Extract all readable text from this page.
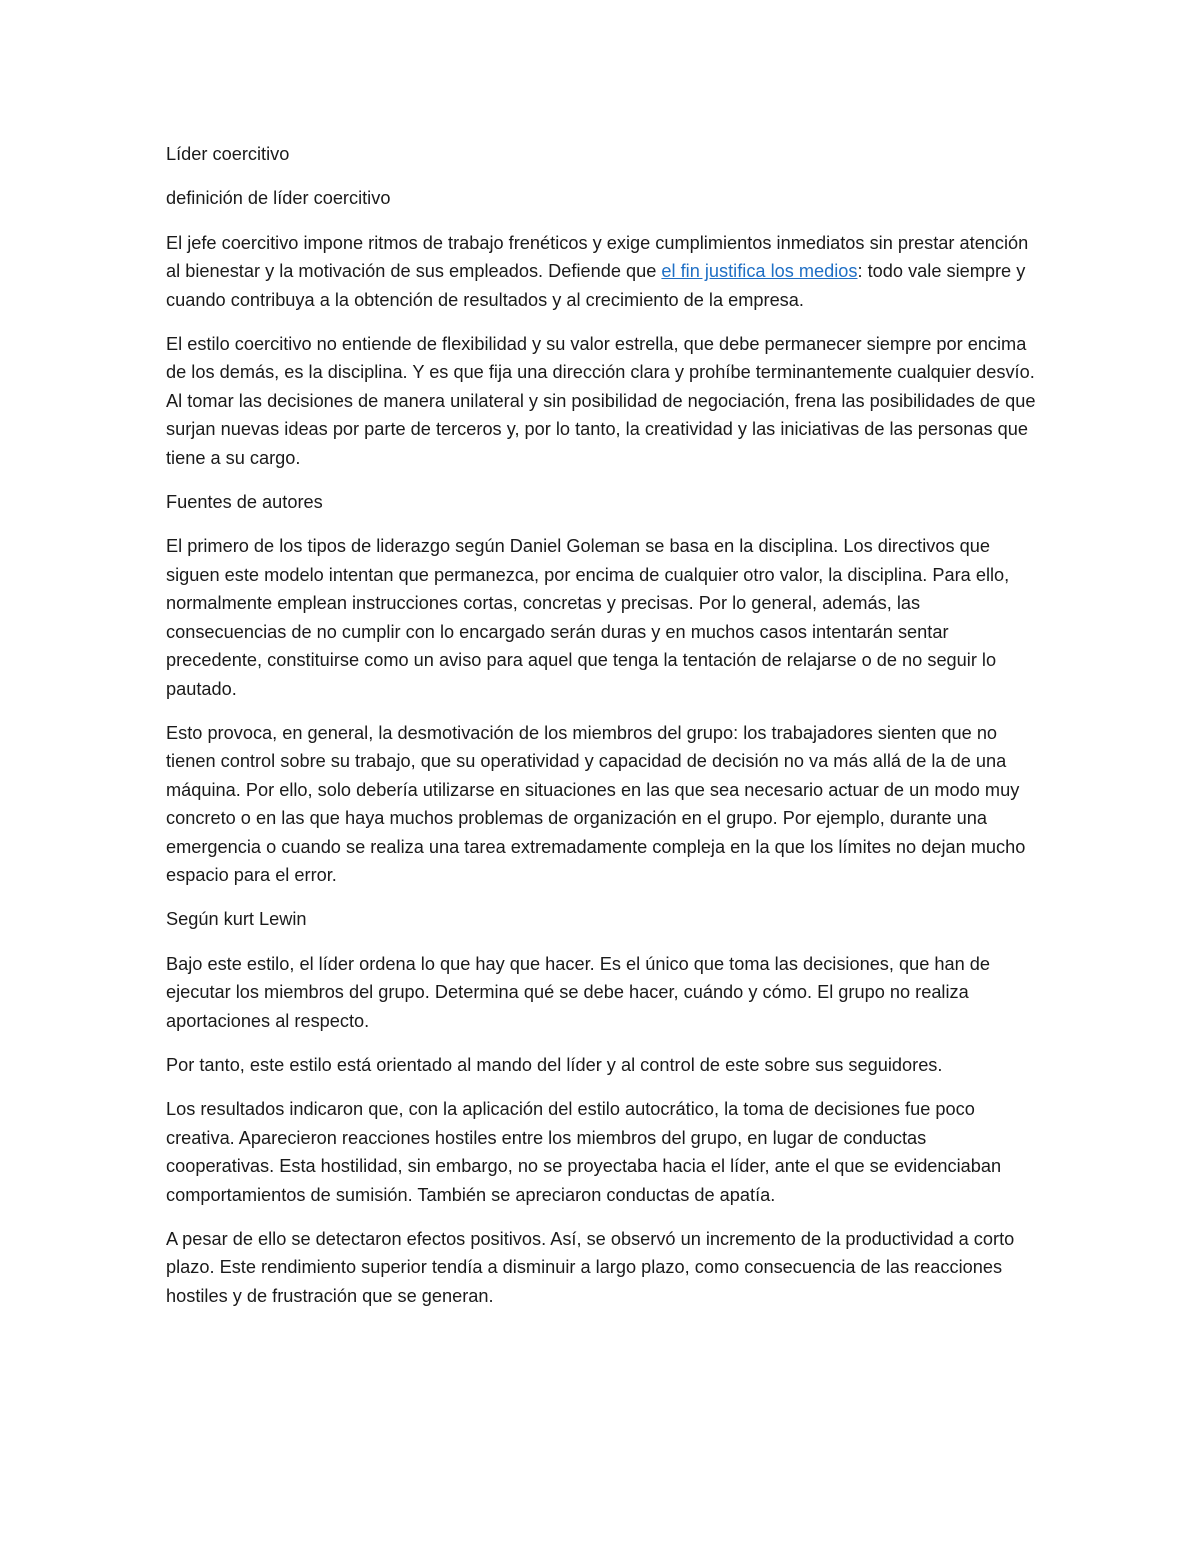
Líder coercitivo

definición de líder coercitivo

El jefe coercitivo impone ritmos de trabajo frenéticos y exige cumplimientos inmediatos sin prestar atención al bienestar y la motivación de sus empleados. Defiende que el fin justifica los medios: todo vale siempre y cuando contribuya a la obtención de resultados y al crecimiento de la empresa.

El estilo coercitivo no entiende de flexibilidad y su valor estrella, que debe permanecer siempre por encima de los demás, es la disciplina. Y es que fija una dirección clara y prohíbe terminantemente cualquier desvío. Al tomar las decisiones de manera unilateral y sin posibilidad de negociación, frena las posibilidades de que surjan nuevas ideas por parte de terceros y, por lo tanto, la creatividad y las iniciativas de las personas que tiene a su cargo.

Fuentes de autores

El primero de los tipos de liderazgo según Daniel Goleman se basa en la disciplina. Los directivos que siguen este modelo intentan que permanezca, por encima de cualquier otro valor, la disciplina. Para ello, normalmente emplean instrucciones cortas, concretas y precisas. Por lo general, además, las consecuencias de no cumplir con lo encargado serán duras y en muchos casos intentarán sentar precedente, constituirse como un aviso para aquel que tenga la tentación de relajarse o de no seguir lo pautado.

Esto provoca, en general, la desmotivación de los miembros del grupo: los trabajadores sienten que no tienen control sobre su trabajo, que su operatividad y capacidad de decisión no va más allá de la de una máquina. Por ello, solo debería utilizarse en situaciones en las que sea necesario actuar de un modo muy concreto o en las que haya muchos problemas de organización en el grupo. Por ejemplo, durante una emergencia o cuando se realiza una tarea extremadamente compleja en la que los límites no dejan mucho espacio para el error.

Según kurt Lewin

Bajo este estilo, el líder ordena lo que hay que hacer. Es el único que toma las decisiones, que han de ejecutar los miembros del grupo. Determina qué se debe hacer, cuándo y cómo. El grupo no realiza aportaciones al respecto.

Por tanto, este estilo está orientado al mando del líder y al control de este sobre sus seguidores.

Los resultados indicaron que, con la aplicación del estilo autocrático, la toma de decisiones fue poco creativa. Aparecieron reacciones hostiles entre los miembros del grupo, en lugar de conductas cooperativas. Esta hostilidad, sin embargo, no se proyectaba hacia el líder, ante el que se evidenciaban comportamientos de sumisión. También se apreciaron conductas de apatía.

A pesar de ello se detectaron efectos positivos. Así, se observó un incremento de la productividad a corto plazo. Este rendimiento superior tendía a disminuir a largo plazo, como consecuencia de las reacciones hostiles y de frustración que se generan.
